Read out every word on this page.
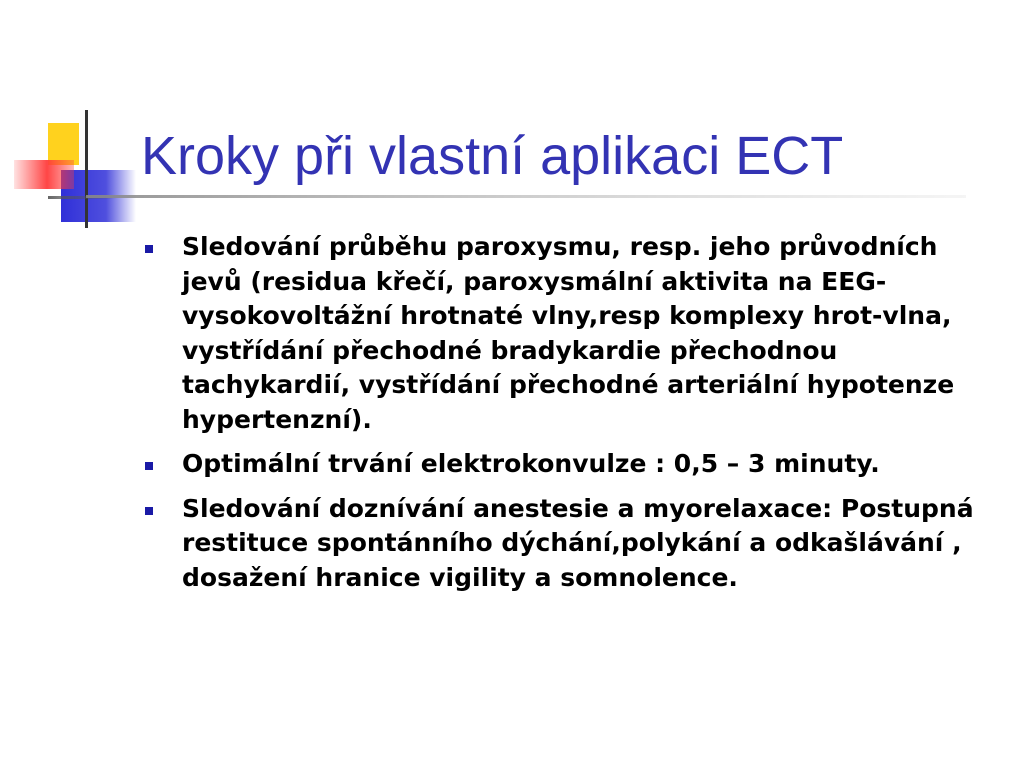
Kroky při vlastní aplikaci ECT
Sledování průběhu paroxysmu, resp. jeho průvodních jevů (residua křečí, paroxysmální aktivita na EEG- vysokovoltážní hrotnaté vlny,resp komplexy hrot-vlna, vystřídání přechodné bradykardie přechodnou tachykardií, vystřídání přechodné arteriální hypotenze hypertenzní).
Optimální trvání elektrokonvulze : 0,5 – 3 minuty.
Sledování doznívání anestesie a myorelaxace: Postupná restituce spontánního dýchání,polykání a odkašlávání , dosažení hranice vigility a somnolence.
